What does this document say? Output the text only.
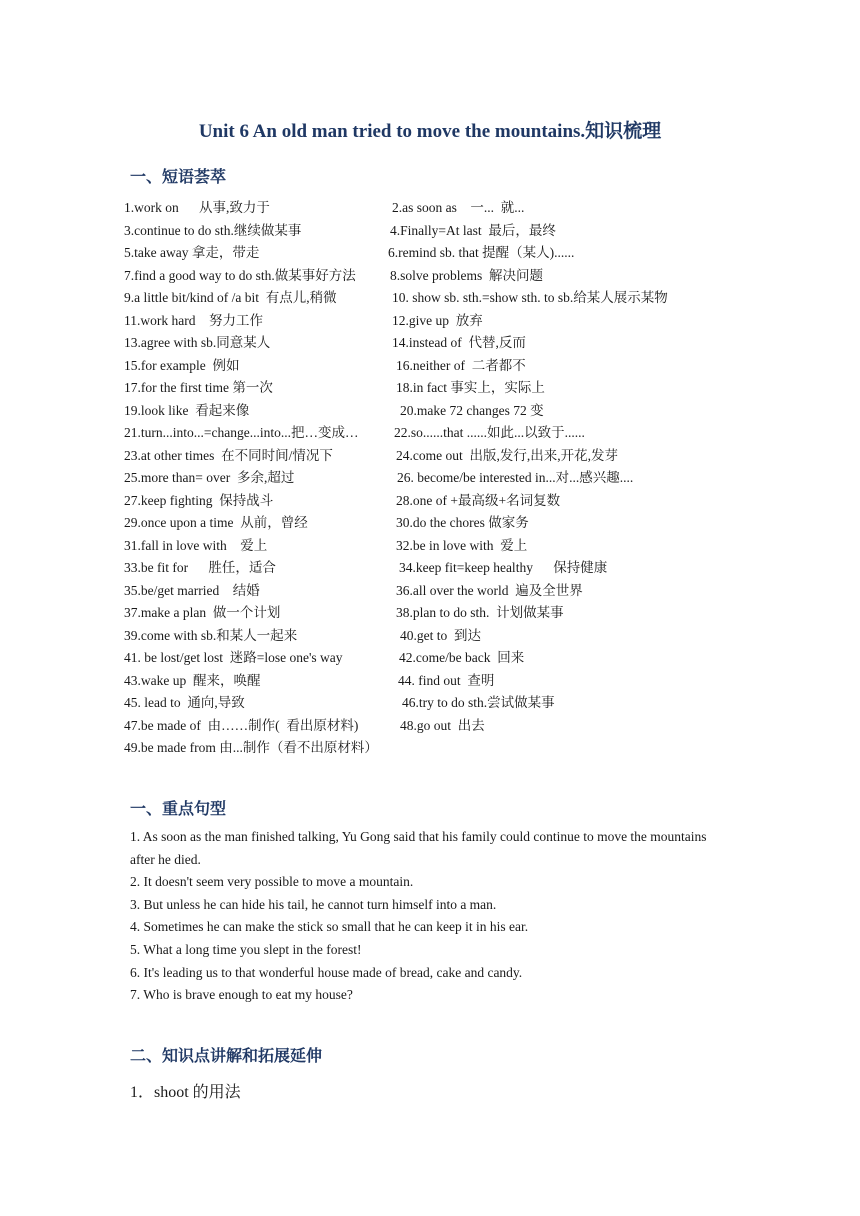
Unit 6 An old man tried to move the mountains.知识梳理
一、短语荟萃
1.work on      从事,致力于	2.as soon as    一...  就...
3.continue to do sth.继续做某事	4.Finally=At last  最后，最终
5.take away 拿走，带走	6.remind sb. that 提醒（某人)......
7.find a good way to do sth.做某事好方法	8.solve problems  解决问题
9.a little bit/kind of /a bit  有点儿,稍微	10. show sb. sth.=show sth. to sb.给某人展示某物
11.work hard    努力工作	12.give up  放弃
13.agree with sb.同意某人	14.instead of  代替,反而
15.for example  例如	16.neither of  二者都不
17.for the first time 第一次	18.in fact 事实上，实际上
19.look like  看起来像	20.make 72 changes 72 变
21.turn...into...=change...into...把…变成…	22.so......that ......如此...以致于......
23.at other times  在不同时间/情况下	24.come out  出版,发行,出来,开花,发芽
25.more than= over  多余,超过	26. become/be interested in...对...感兴趣....
27.keep fighting  保持战斗	28.one of +最高级+名词复数
29.once upon a time  从前，曾经	30.do the chores 做家务
31.fall in love with    爱上	32.be in love with  爱上
33.be fit for      胜任，适合	34.keep fit=keep healthy      保持健康
35.be/get married    结婚	36.all over the world  遍及全世界
37.make a plan  做一个计划	38.plan to do sth.  计划做某事
39.come with sb.和某人一起来	40.get to  到达
41. be lost/get lost  迷路=lose one's way	42.come/be back  回来
43.wake up  醒来，唤醒	44. find out  查明
45. lead to  通向,导致	46.try to do sth.尝试做某事
47.be made of  由……制作(  看出原材料)	48.go out  出去
49.be made from 由...制作（看不出原材料）
一、重点句型

1. As soon as the man finished talking, Yu Gong said that his family could continue to move the mountains after he died.

2. It doesn't seem very possible to move a mountain.

3. But unless he can hide his tail, he cannot turn himself into a man.

4. Sometimes he can make the stick so small that he can keep it in his ear.

5. What a long time you slept in the forest!

6. It's leading us to that wonderful house made of bread, cake and candy.

7. Who is brave enough to eat my house?

二、知识点讲解和拓展延伸
1．shoot 的用法
